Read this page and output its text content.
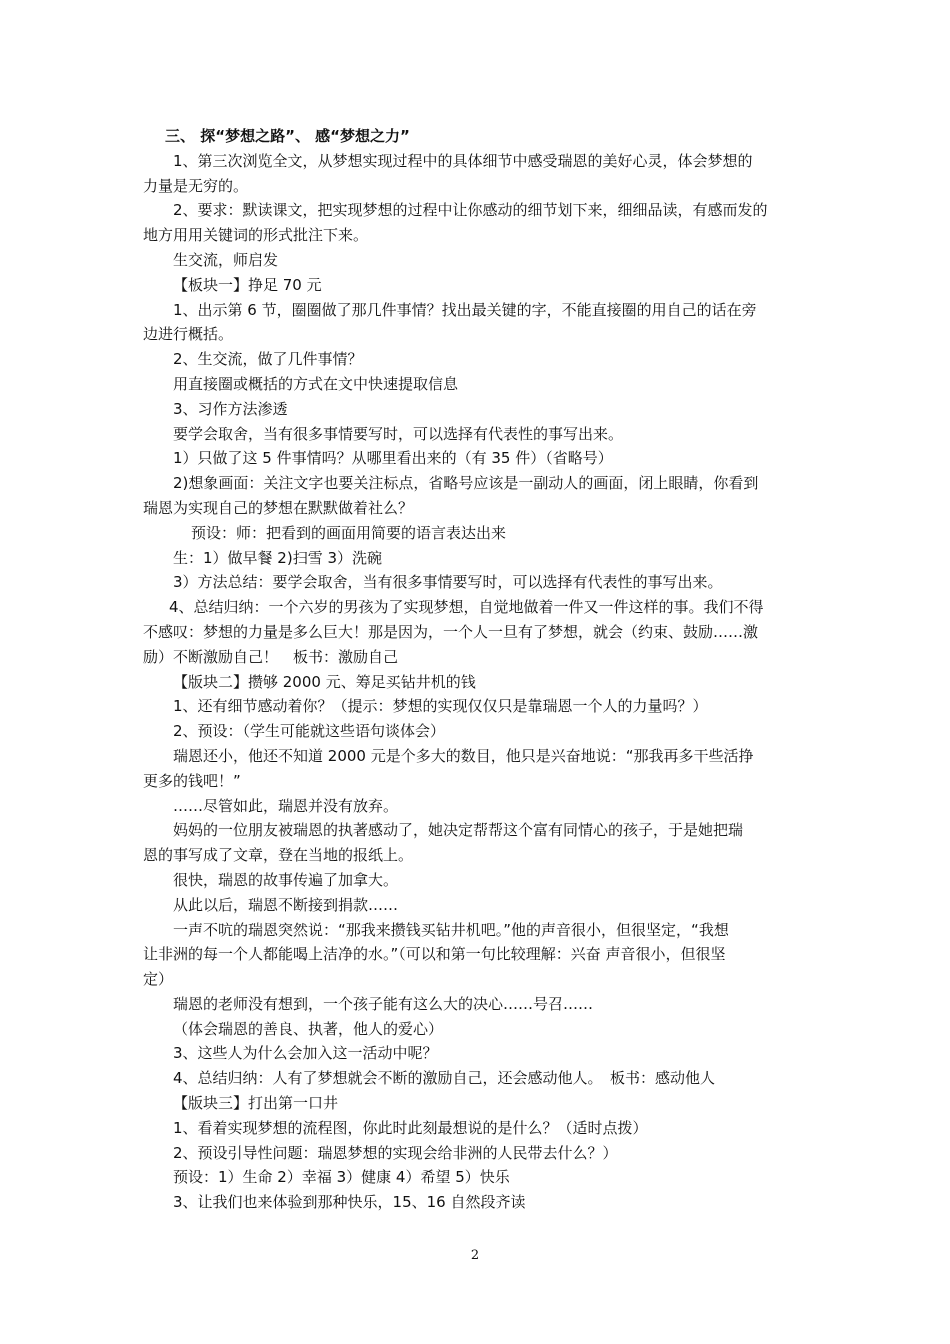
三、 探“梦想之路”、 感“梦想之力”
1、第三次浏览全文，从梦想实现过程中的具体细节中感受瑞恩的美好心灵，体会梦想的
力量是无穷的。
2、要求：默读课文，把实现梦想的过程中让你感动的细节划下来，细细品读，有感而发的
地方用用关键词的形式批注下来。
生交流，师启发
【板块一】挣足 70 元
1、出示第 6 节，圈圈做了那几件事情？找出最关键的字，不能直接圈的用自己的话在旁
边进行概括。
2、生交流，做了几件事情？
用直接圈或概括的方式在文中快速提取信息
3、习作方法渗透
要学会取舍，当有很多事情要写时，可以选择有代表性的事写出来。
1）只做了这 5 件事情吗？从哪里看出来的（有 35 件）（省略号）
2)想象画面：关注文字也要关注标点，省略号应该是一副动人的画面，闭上眼睛，你看到
瑞恩为实现自己的梦想在默默做着社么？
预设：师：把看到的画面用简要的语言表达出来
生：1）做早餐 2)扫雪 3）洗碗
3）方法总结：要学会取舍，当有很多事情要写时，可以选择有代表性的事写出来。
4、总结归纳：一个六岁的男孩为了实现梦想，自觉地做着一件又一件这样的事。我们不得
不感叹：梦想的力量是多么巨大！那是因为，一个人一旦有了梦想，就会（约束、鼓励……激
励）不断激励自己！　板书：激励自己
【版块二】攒够 2000 元、筹足买钻井机的钱
1、还有细节感动着你？（提示：梦想的实现仅仅只是靠瑞恩一个人的力量吗？）
2、预设：（学生可能就这些语句谈体会）
瑞恩还小，他还不知道 2000 元是个多大的数目，他只是兴奋地说：“那我再多干些活挣
更多的钱吧！”
……尽管如此，瑞恩并没有放弃。
妈妈的一位朋友被瑞恩的执著感动了，她决定帮帮这个富有同情心的孩子，于是她把瑞
恩的事写成了文章，登在当地的报纸上。
很快，瑞恩的故事传遍了加拿大。
从此以后，瑞恩不断接到捐款……
一声不吭的瑞恩突然说：“那我来攒钱买钻井机吧。”他的声音很小，但很坚定，“我想
让非洲的每一个人都能喝上洁净的水。”（可以和第一句比较理解：兴奋 声音很小，但很坚
定）
瑞恩的老师没有想到，一个孩子能有这么大的决心……号召……
（体会瑞恩的善良、执著，他人的爱心）
3、这些人为什么会加入这一活动中呢？
4、总结归纳：人有了梦想就会不断的激励自己，还会感动他人。　板书：感动他人
【版块三】打出第一口井
1、看着实现梦想的流程图，你此时此刻最想说的是什么？（适时点拨）
2、预设引导性问题：瑞恩梦想的实现会给非洲的人民带去什么？）
预设：1）生命 2）幸福 3）健康 4）希望 5）快乐
3、让我们也来体验到那种快乐，15、16 自然段齐读
2
